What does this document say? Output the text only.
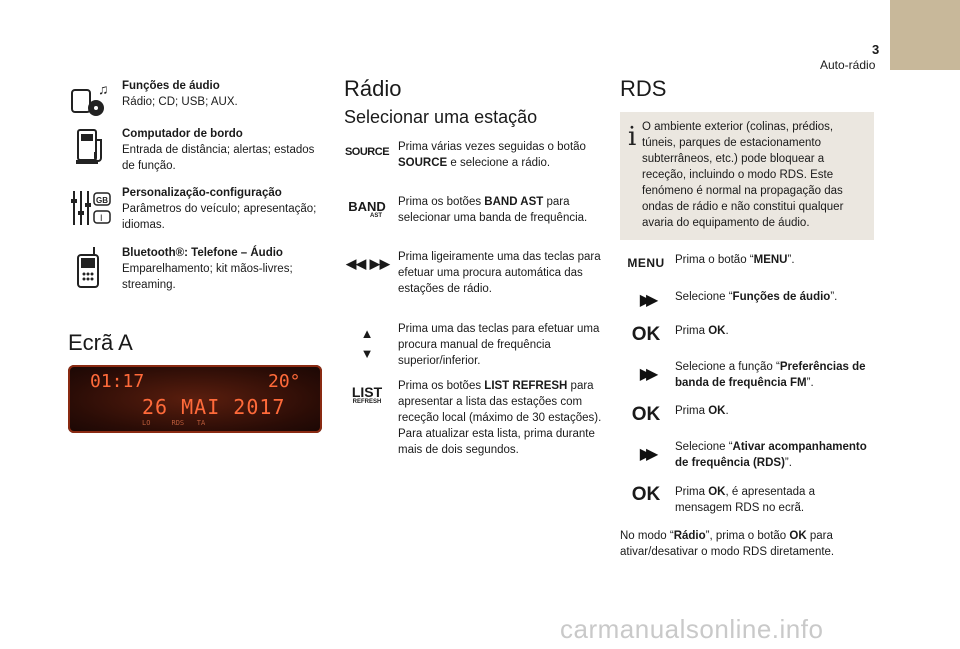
3
Auto-rádio
♫ Funções de áudio
Rádio; CD; USB; AUX.
Computador de bordo
Entrada de distância; alertas; estados de função.
GB
I
Personalização-configuração
Parâmetros do veículo; apresentação; idiomas.
Bluetooth®: Telefone – Áudio
Emparelhamento; kit mãos-livres; streaming.
Ecrã A
01:17	20°
26 MAI 2017
LO     RDS   TA
Rádio
Selecionar uma estação
SOURCE Prima várias vezes seguidas o botão SOURCE e selecione a rádio.
BAND
AST
Prima os botões BAND AST para selecionar uma banda de frequência.
◀◀ ▶▶ Prima ligeiramente uma das teclas para efetuar uma procura automática das estações de rádio.
▲▼
Prima uma das teclas para efetuar uma procura manual de frequência superior/inferior.
LIST
REFRESH
Prima os botões LIST REFRESH para apresentar a lista das estações com receção local (máximo de 30 estações). Para atualizar esta lista, prima durante mais de dois segundos.
RDS
i O ambiente exterior (colinas, prédios, túneis, parques de estacionamento subterrâneos, etc.) pode bloquear a receção, incluindo o modo RDS. Este fenómeno é normal na propagação das ondas de rádio e não constitui qualquer avaria do equipamento de áudio.
MENU Prima o botão “MENU”.
▶▶	Selecione “Funções de áudio”.
OK	Prima OK.
▶▶	Selecione a função “Preferências de banda de frequência FM”.
OK	Prima OK.
▶▶	Selecione “Ativar acompanhamento de frequência (RDS)”.
OK	Prima OK, é apresentada a mensagem RDS no ecrã.
No modo “Rádio”, prima o botão OK para ativar/desativar o modo RDS diretamente.
carmanualsonline.info
